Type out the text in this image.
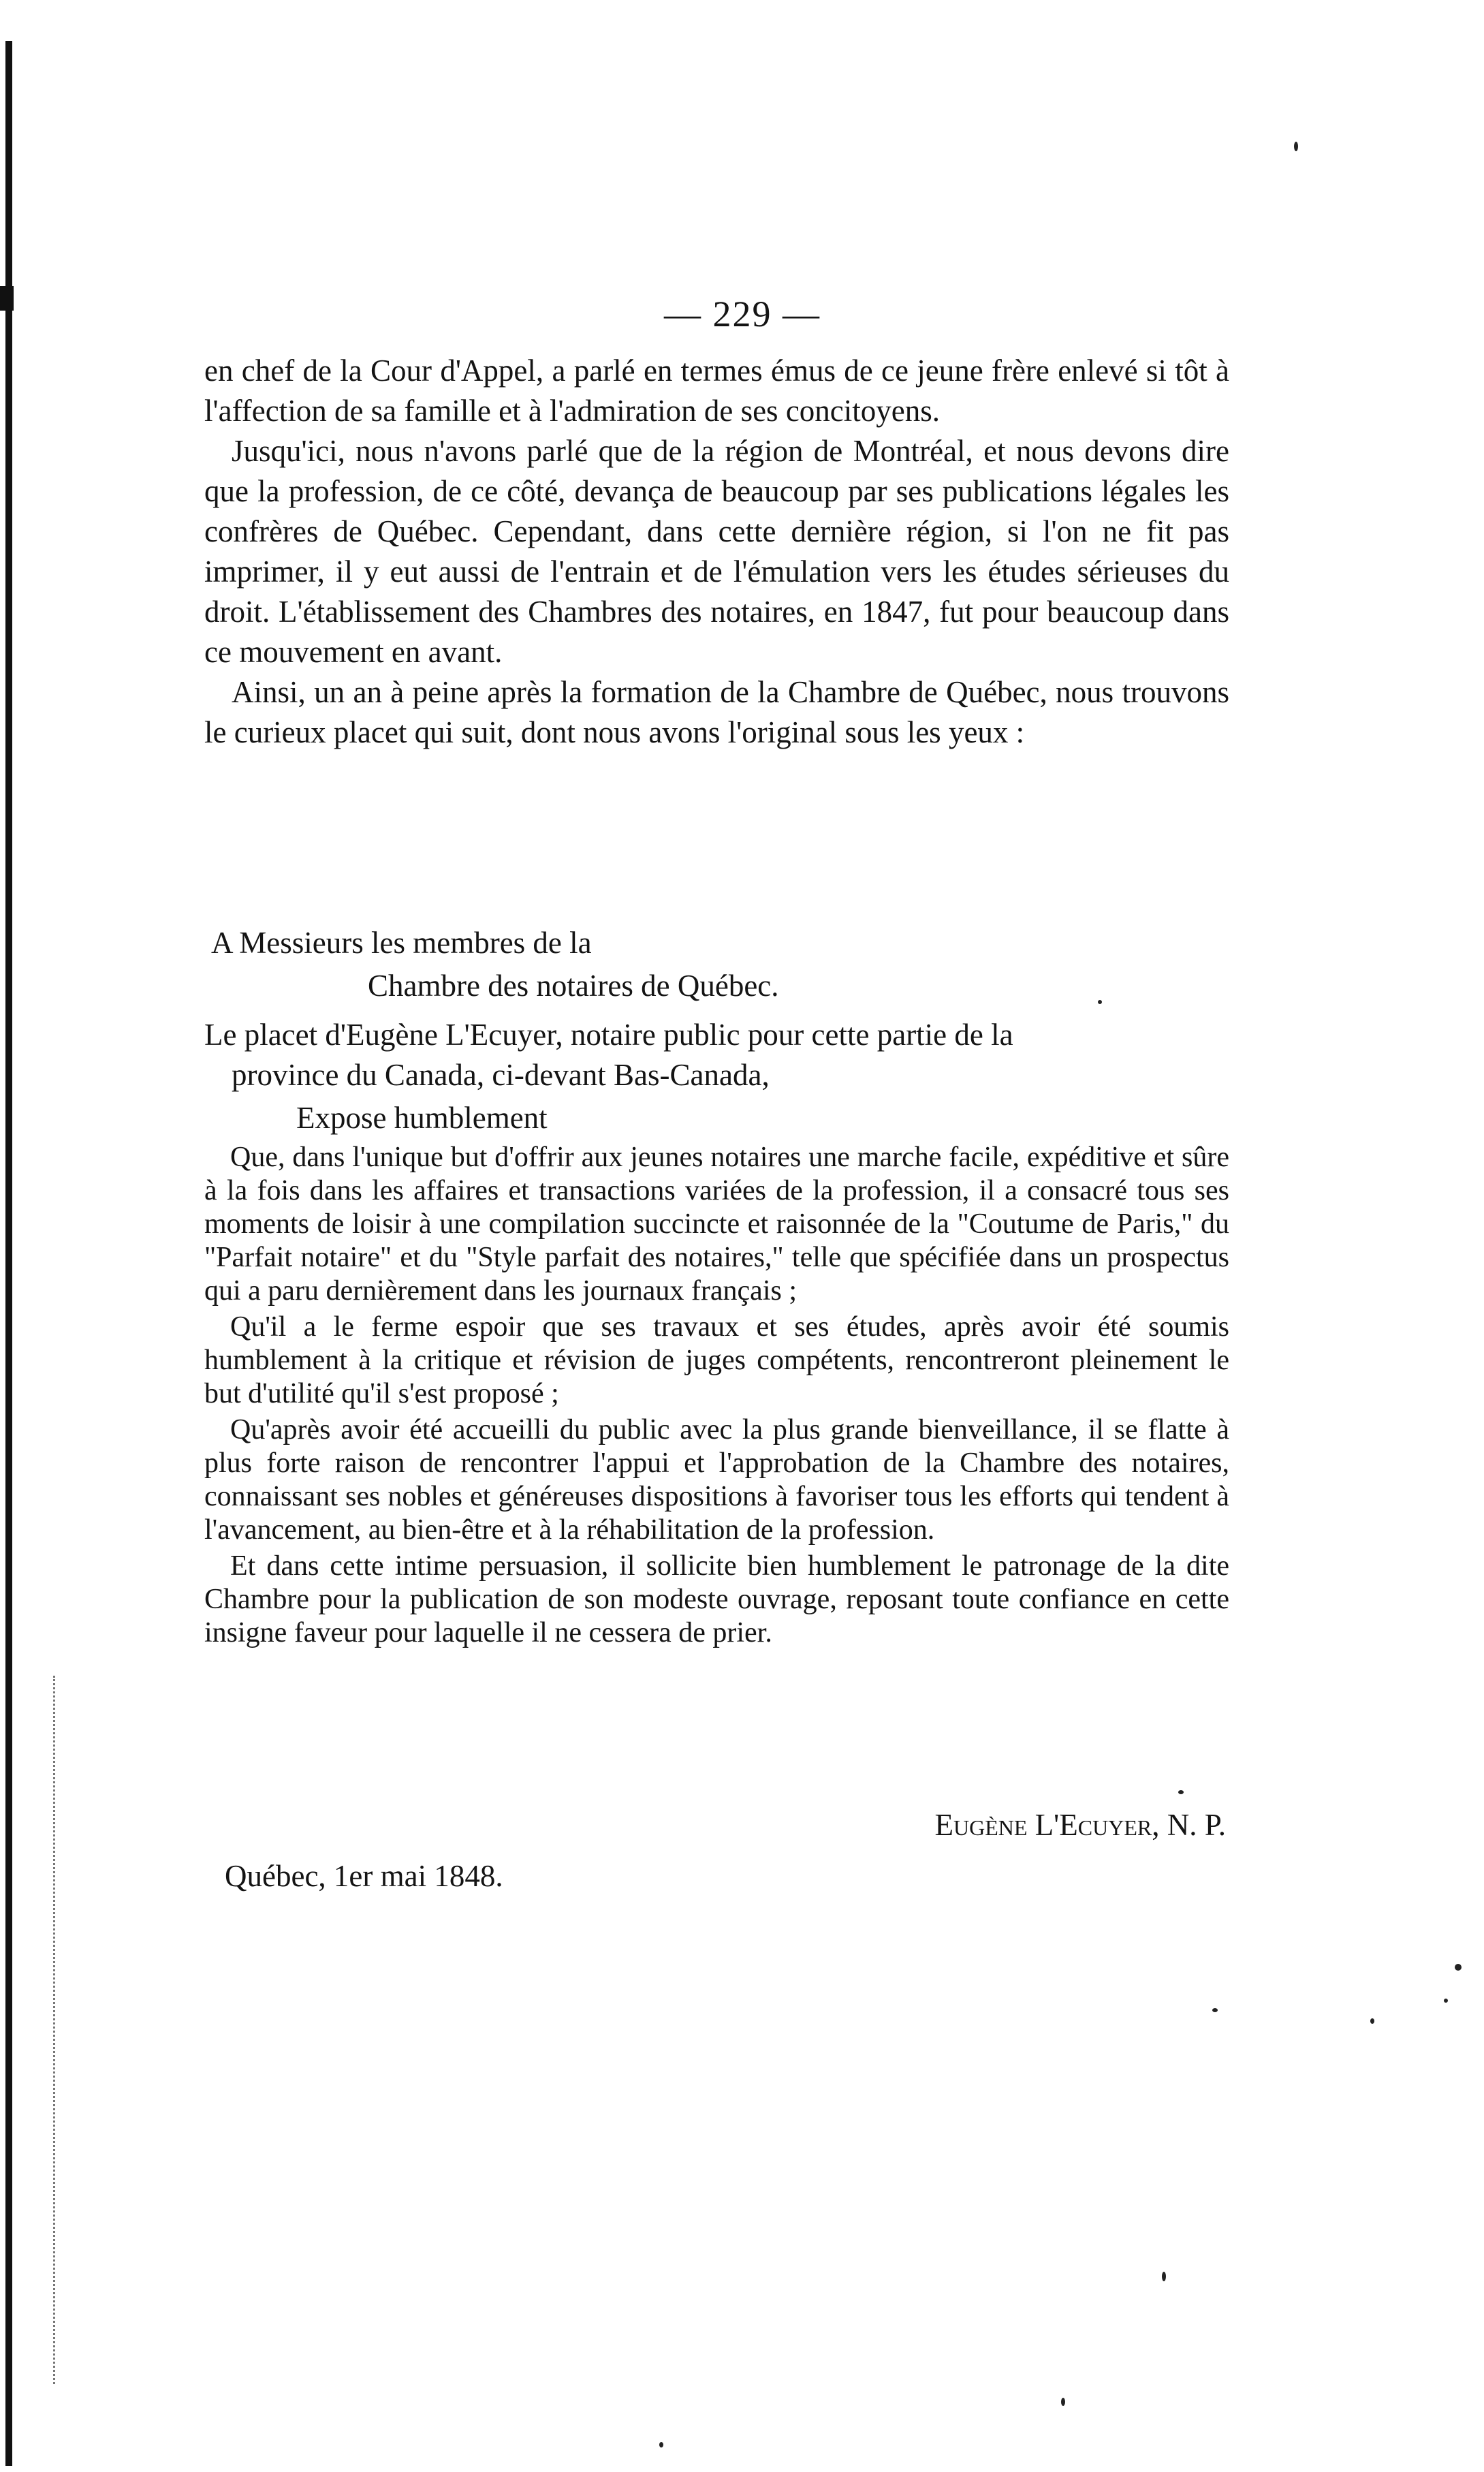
— 229 —

en chef de la Cour d'Appel, a parlé en termes émus de ce jeune frère enlevé si tôt à l'affection de sa famille et à l'admiration de ses concitoyens.

Jusqu'ici, nous n'avons parlé que de la région de Montréal, et nous devons dire que la profession, de ce côté, devança de beaucoup par ses publications légales les confrères de Québec. Cependant, dans cette dernière région, si l'on ne fit pas imprimer, il y eut aussi de l'entrain et de l'émulation vers les études sérieuses du droit. L'établissement des Chambres des notaires, en 1847, fut pour beaucoup dans ce mouvement en avant.

Ainsi, un an à peine après la formation de la Chambre de Québec, nous trouvons le curieux placet qui suit, dont nous avons l'original sous les yeux :

A Messieurs les membres de la
Chambre des notaires de Québec.
Le placet d'Eugène L'Ecuyer, notaire public pour cette partie de la
province du Canada, ci-devant Bas-Canada,
Expose humblement

Que, dans l'unique but d'offrir aux jeunes notaires une marche facile, expéditive et sûre à la fois dans les affaires et transactions variées de la profession, il a consacré tous ses moments de loisir à une compilation succincte et raisonnée de la "Coutume de Paris," du "Parfait notaire" et du "Style parfait des notaires," telle que spécifiée dans un prospectus qui a paru dernièrement dans les journaux français ;

Qu'il a le ferme espoir que ses travaux et ses études, après avoir été soumis humblement à la critique et révision de juges compétents, rencontreront pleinement le but d'utilité qu'il s'est proposé ;

Qu'après avoir été accueilli du public avec la plus grande bienveillance, il se flatte à plus forte raison de rencontrer l'appui et l'approbation de la Chambre des notaires, connaissant ses nobles et généreuses dispositions à favoriser tous les efforts qui tendent à l'avancement, au bien-être et à la réhabilitation de la profession.

Et dans cette intime persuasion, il sollicite bien humblement le patronage de la dite Chambre pour la publication de son modeste ouvrage, reposant toute confiance en cette insigne faveur pour laquelle il ne cessera de prier.

Eugène L'Ecuyer, N. P.
Québec, 1er mai 1848.
